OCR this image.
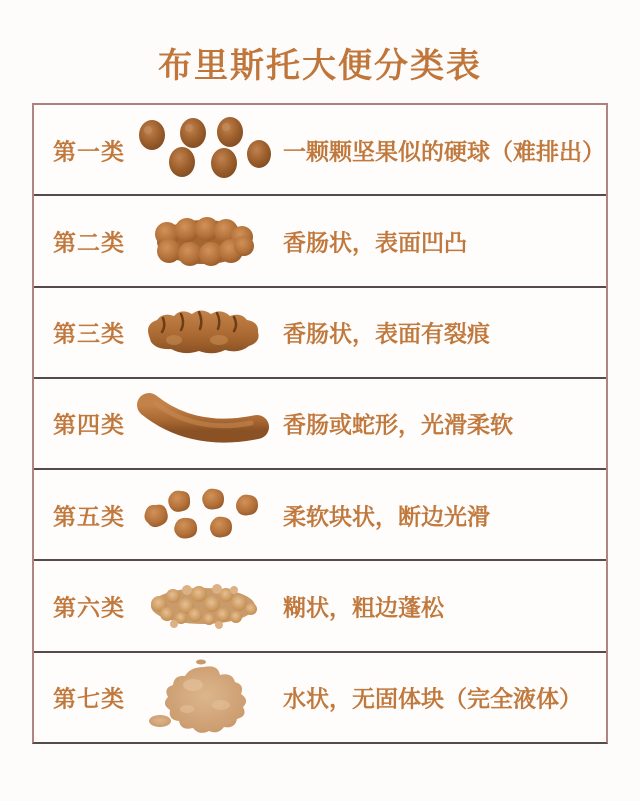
布里斯托大便分类表
第一类	一颗颗坚果似的硬球（难排出）
第二类	香肠状，表面凹凸
第三类	香肠状，表面有裂痕
第四类	香肠或蛇形，光滑柔软
第五类	柔软块状，断边光滑
第六类	糊状，粗边蓬松
第七类	水状，无固体块（完全液体）
